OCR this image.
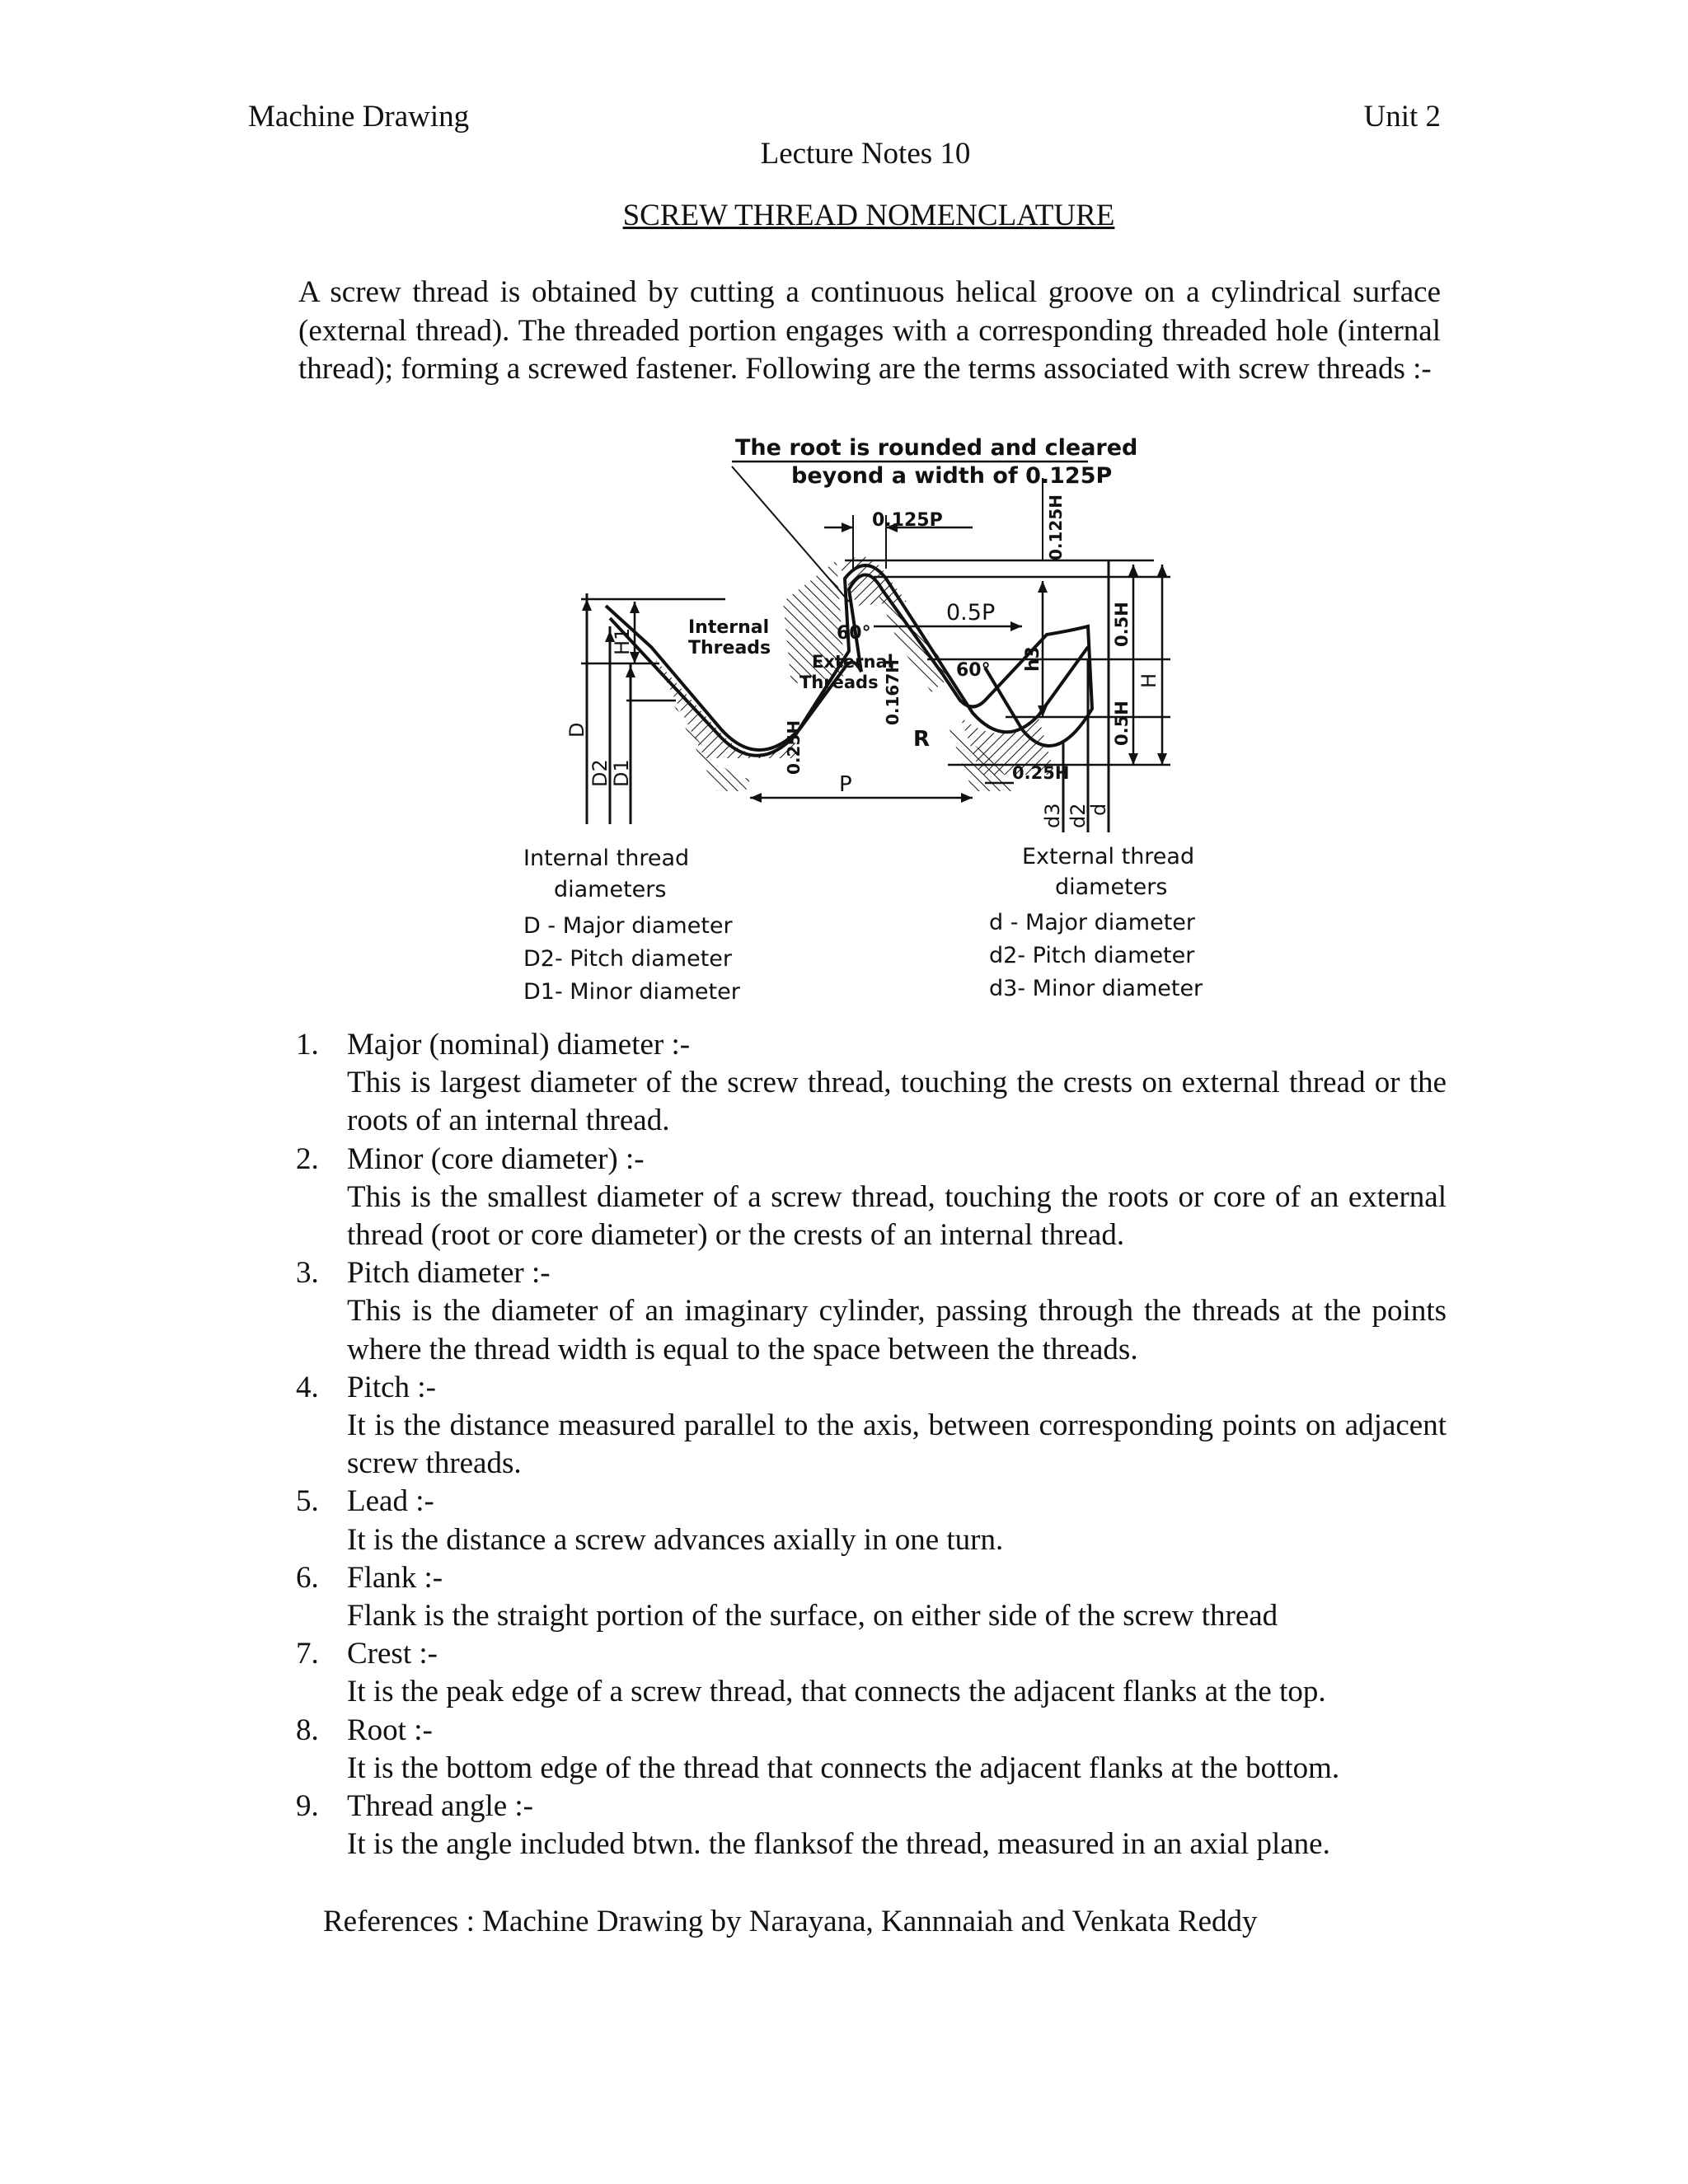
Machine Drawing	Unit 2
Lecture Notes 10
SCREW THREAD NOMENCLATURE
A screw thread is obtained by cutting a continuous helical groove on a cylindrical surface (external thread). The threaded portion engages with a corresponding threaded hole (internal thread); forming a screwed fastener. Following are the terms associated with screw threads :-
The root is rounded and cleared
beyond a width of 0.125P
Internal
Threads
External
Threads
60°
60°
0.125P
0.5P
P
R
0.25H
0.125H
0.5H
0.5H
H
h3
0.167H
0.25H
H1
D
D2
D1
d3 d2
d
Internal thread
diameters
D - Major diameter
D2- Pitch diameter
D1- Minor diameter
External thread
diameters
d - Major diameter
d2- Pitch diameter
d3- Minor diameter
1. Major (nominal) diameter :-
This is largest diameter of the screw thread, touching the crests on external thread or the roots of an internal thread.
2. Minor (core diameter) :-
This is the smallest diameter of a screw thread, touching the roots or core of an external thread (root or core diameter) or the crests of an internal thread.
3. Pitch diameter :-
This is the diameter of an imaginary cylinder, passing through the threads at the points where the thread width is equal to the space between the threads.
4. Pitch :-
It is the distance measured parallel to the axis, between corresponding points on adjacent screw threads.
5. Lead :-
It is the distance a screw advances axially in one turn.
6. Flank :-
Flank is the straight portion of the surface, on either side of the screw thread
7. Crest :-
It is the peak edge of a screw thread, that connects the adjacent flanks at the top.
8. Root :-
It is the bottom edge of the thread that connects the adjacent flanks at the bottom.
9. Thread angle :-
It is the angle included btwn. the flanksof the thread, measured in an axial plane.
References : Machine Drawing by Narayana, Kannnaiah and Venkata Reddy
